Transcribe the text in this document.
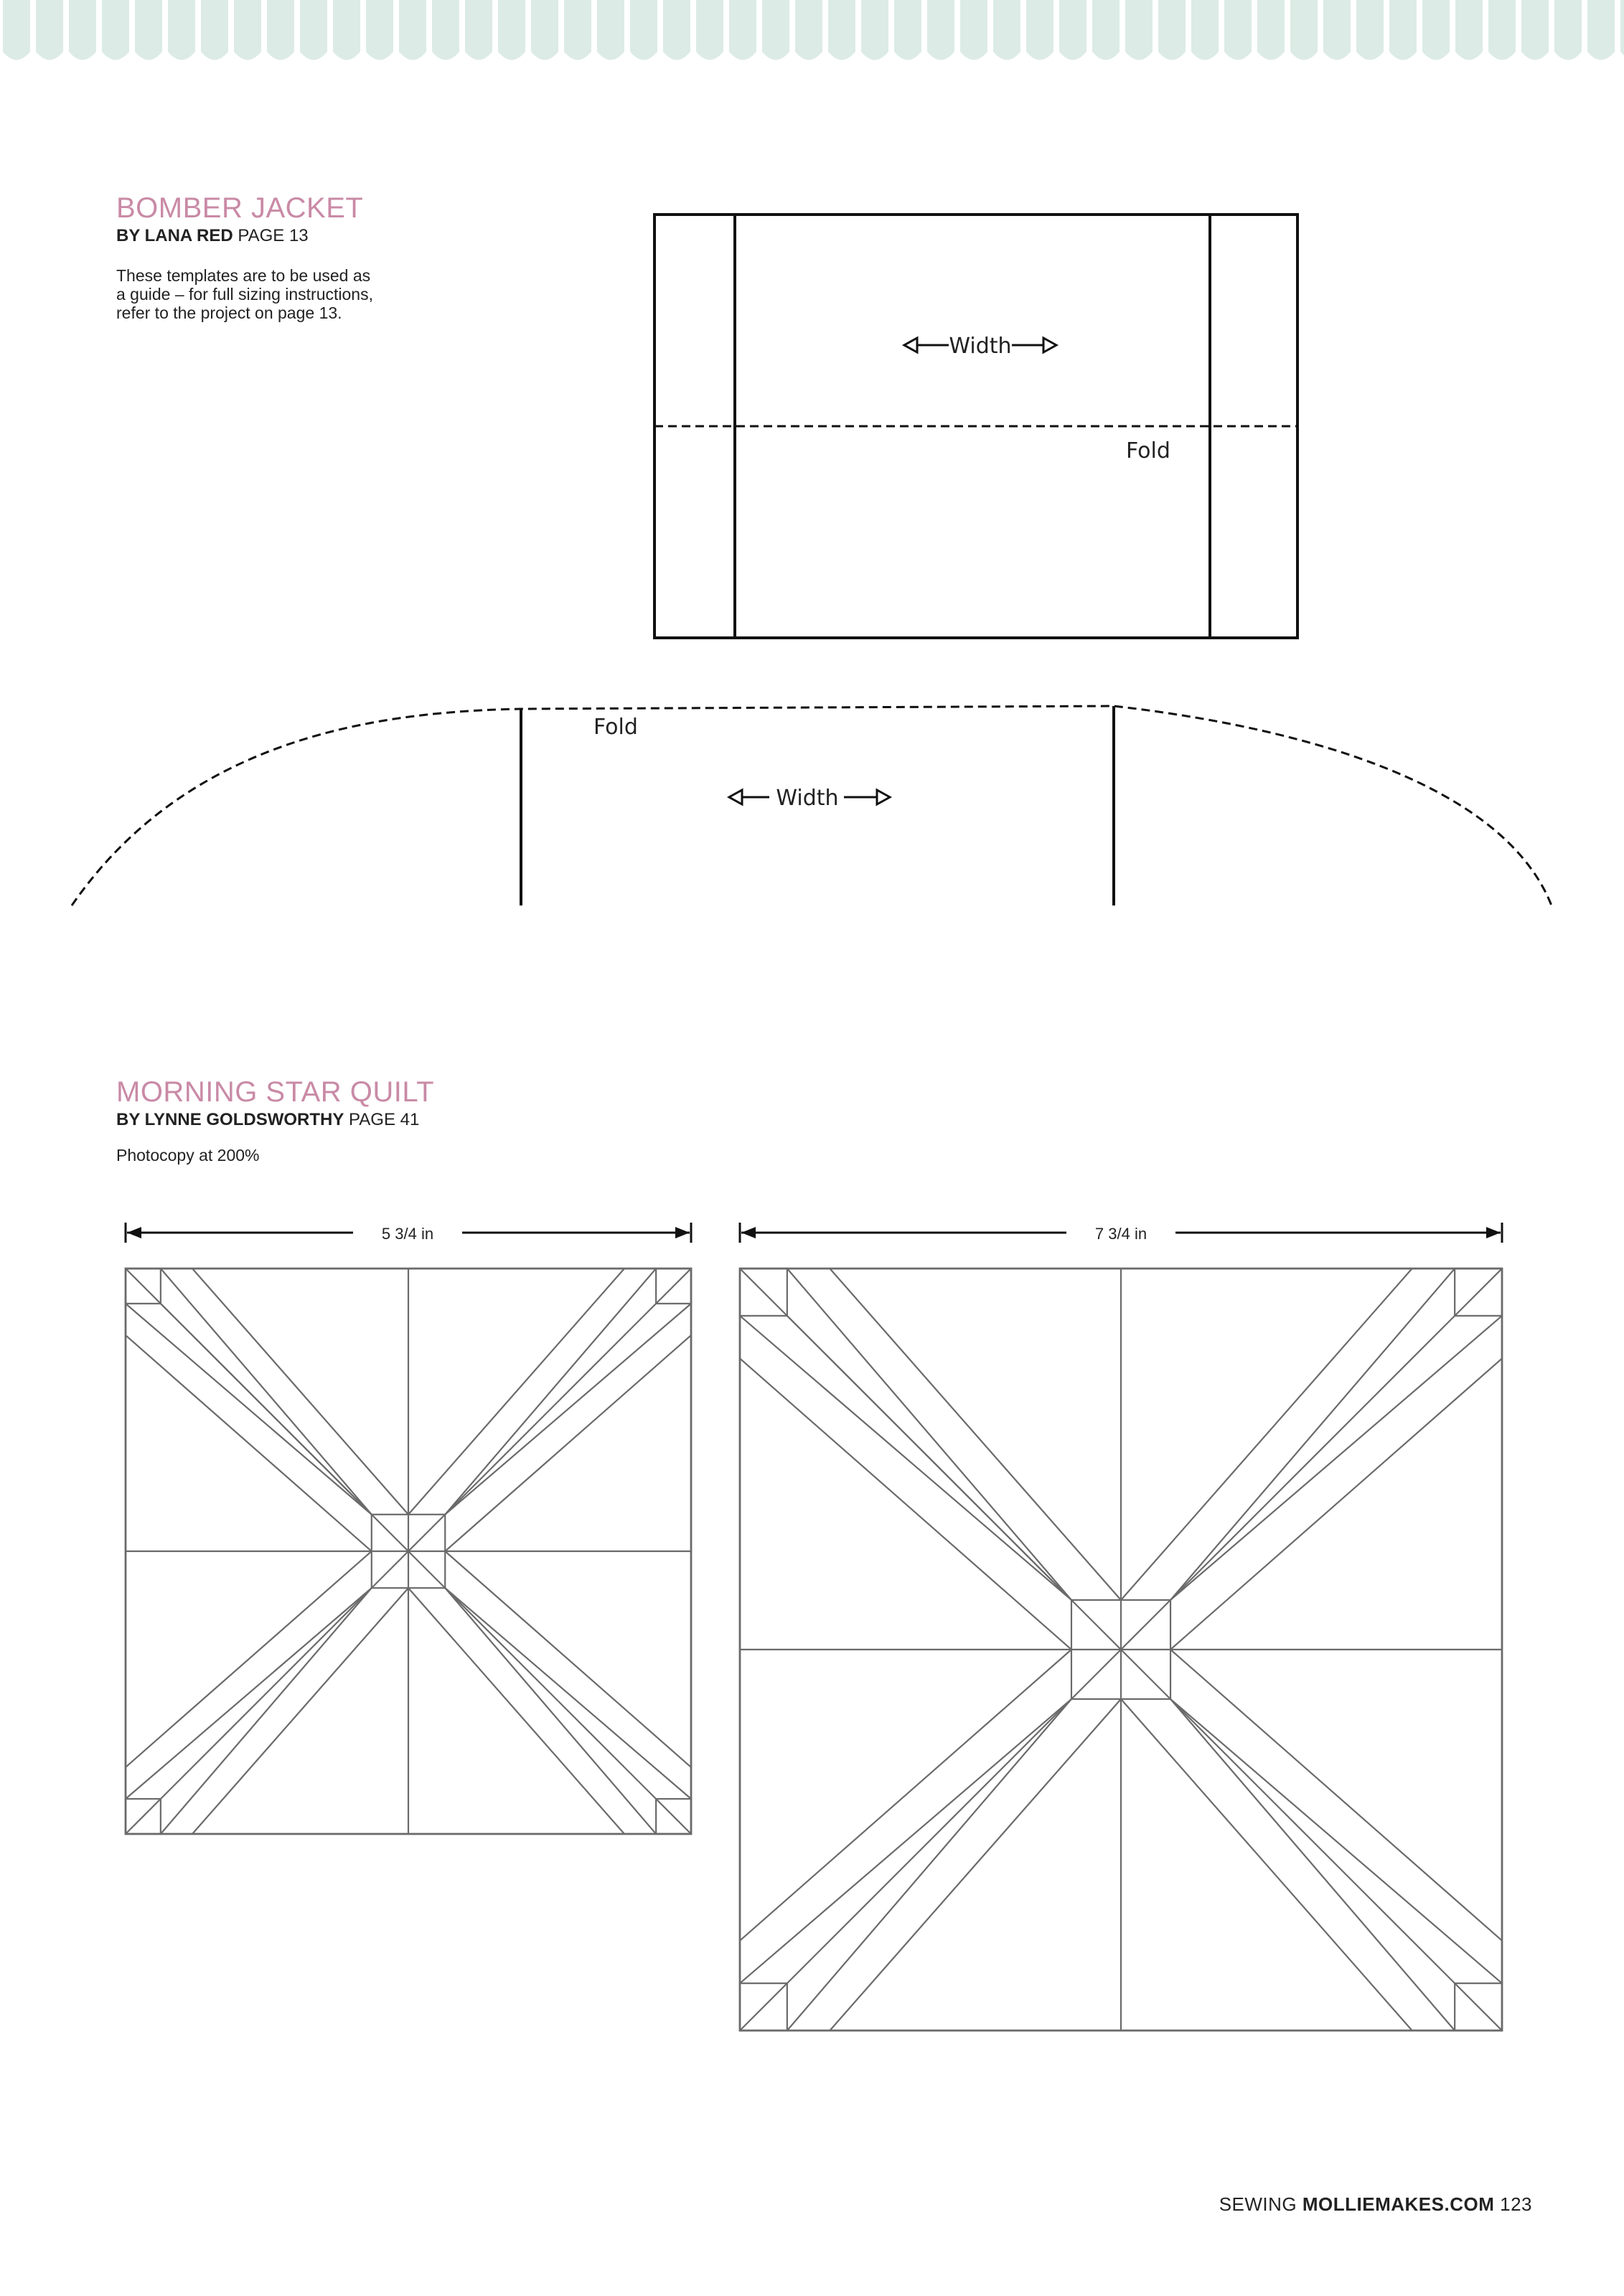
BOMBER JACKET
BY LANA RED PAGE 13
These templates are to be used as
a guide – for full sizing instructions,
refer to the project on page 13.
Width
Fold
Width
Fold
MORNING STAR QUILT
BY LYNNE GOLDSWORTHY PAGE 41
Photocopy at 200%
5 3/4 in	7 3/4 in
SEWING MOLLIEMAKES.COM 123
